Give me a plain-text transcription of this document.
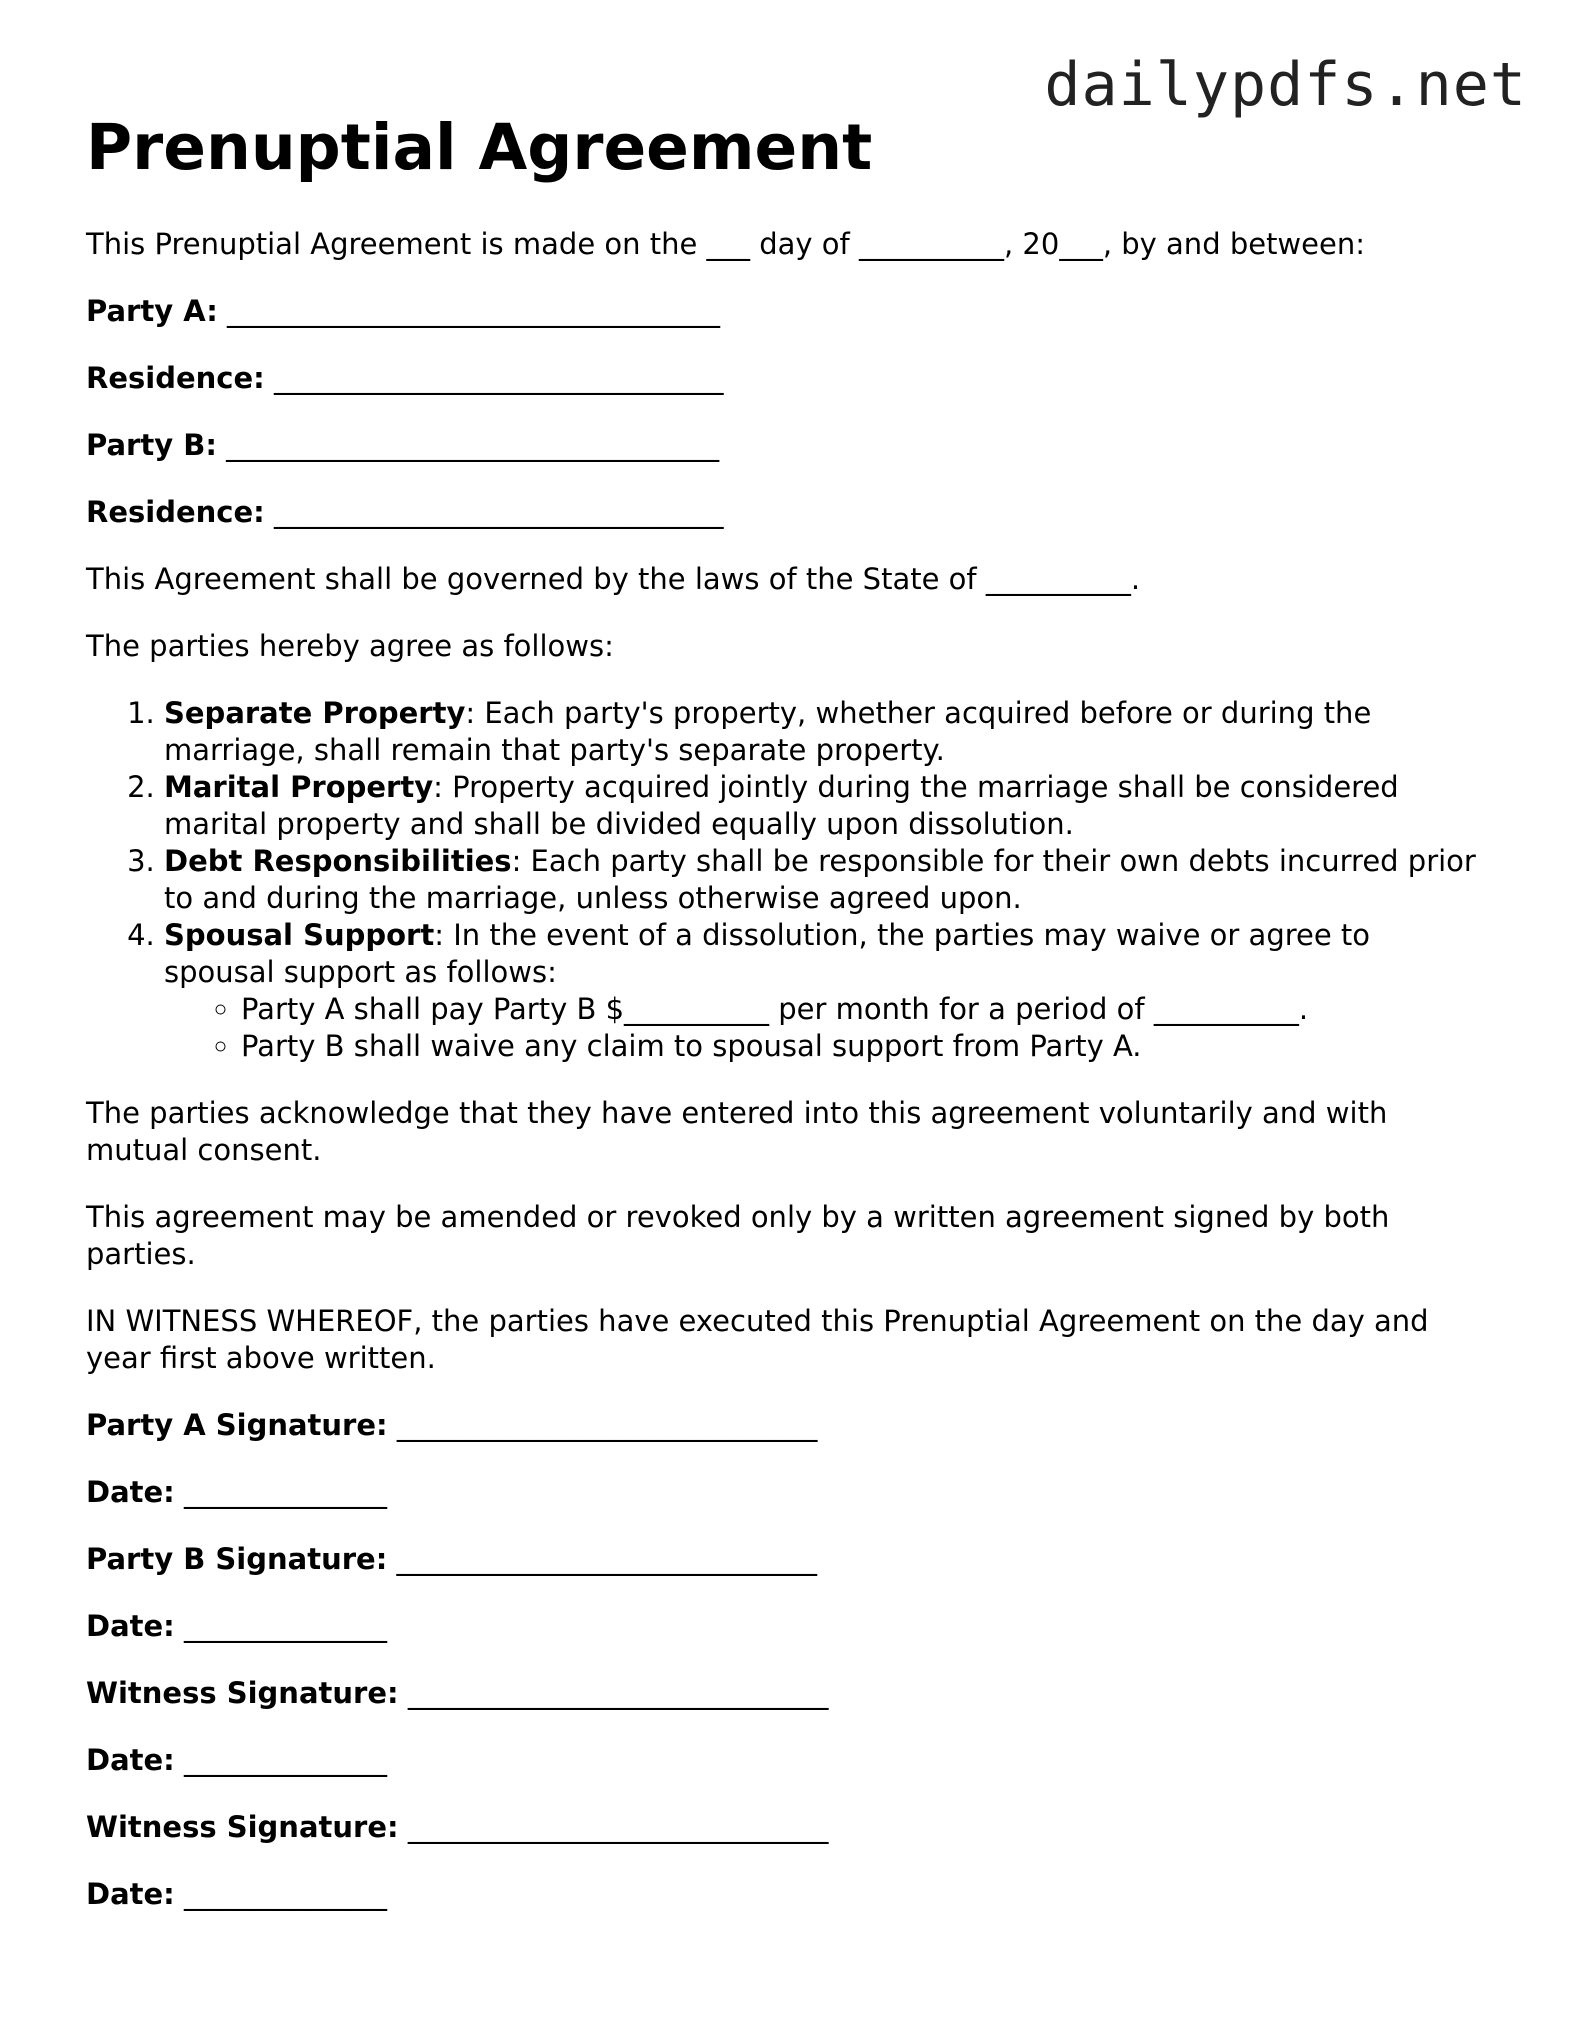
dailypdfs.net
Prenuptial Agreement

This Prenuptial Agreement is made on the ___ day of __________, 20___, by and between:

Party A: __________________________________
Residence: _______________________________
Party B: __________________________________
Residence: _______________________________

This Agreement shall be governed by the laws of the State of __________.

The parties hereby agree as follows:

1. Separate Property: Each party's property, whether acquired before or during the marriage, shall remain that party's separate property.
2. Marital Property: Property acquired jointly during the marriage shall be considered marital property and shall be divided equally upon dissolution.
3. Debt Responsibilities: Each party shall be responsible for their own debts incurred prior to and during the marriage, unless otherwise agreed upon.
4. Spousal Support: In the event of a dissolution, the parties may waive or agree to spousal support as follows:
◦ Party A shall pay Party B $__________ per month for a period of __________.
◦ Party B shall waive any claim to spousal support from Party A.

The parties acknowledge that they have entered into this agreement voluntarily and with mutual consent.

This agreement may be amended or revoked only by a written agreement signed by both parties.

IN WITNESS WHEREOF, the parties have executed this Prenuptial Agreement on the day and year first above written.

Party A Signature: _____________________________
Date: ______________
Party B Signature: _____________________________
Date: ______________
Witness Signature: _____________________________
Date: ______________
Witness Signature: _____________________________
Date: ______________
